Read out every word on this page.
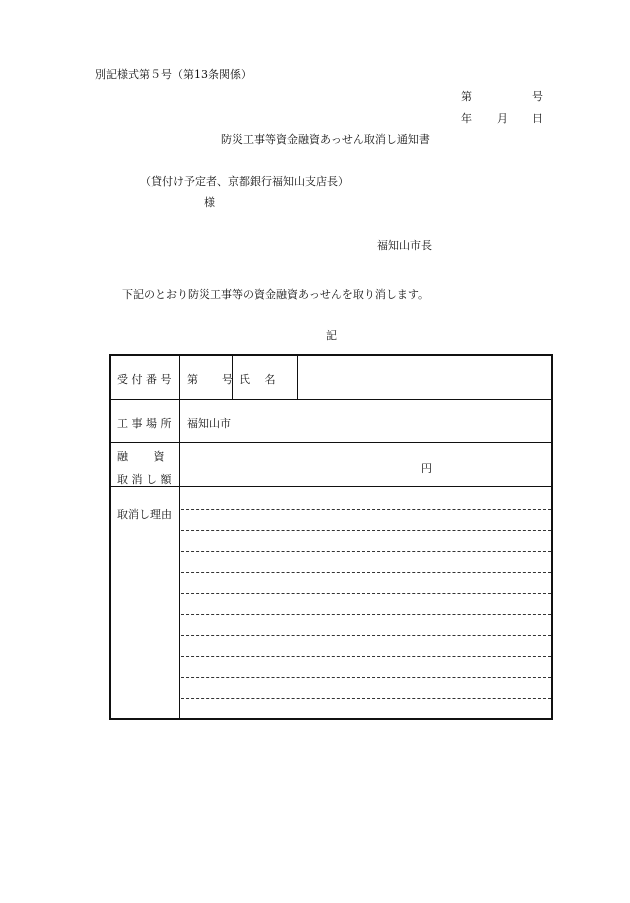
別記様式第５号（第13条関係）
第	号
年 月 日
防災工事等資金融資あっせん取消し通知書
（貸付け予定者、京都銀行福知山支店長）
様
福知山市長
下記のとおり防災工事等の資金融資あっせんを取り消します。
記
受 付 番 号 第 号 氏　 名
工 事 場 所 福知山市
融　　 資
取 消 し 額
円
取消し理由
